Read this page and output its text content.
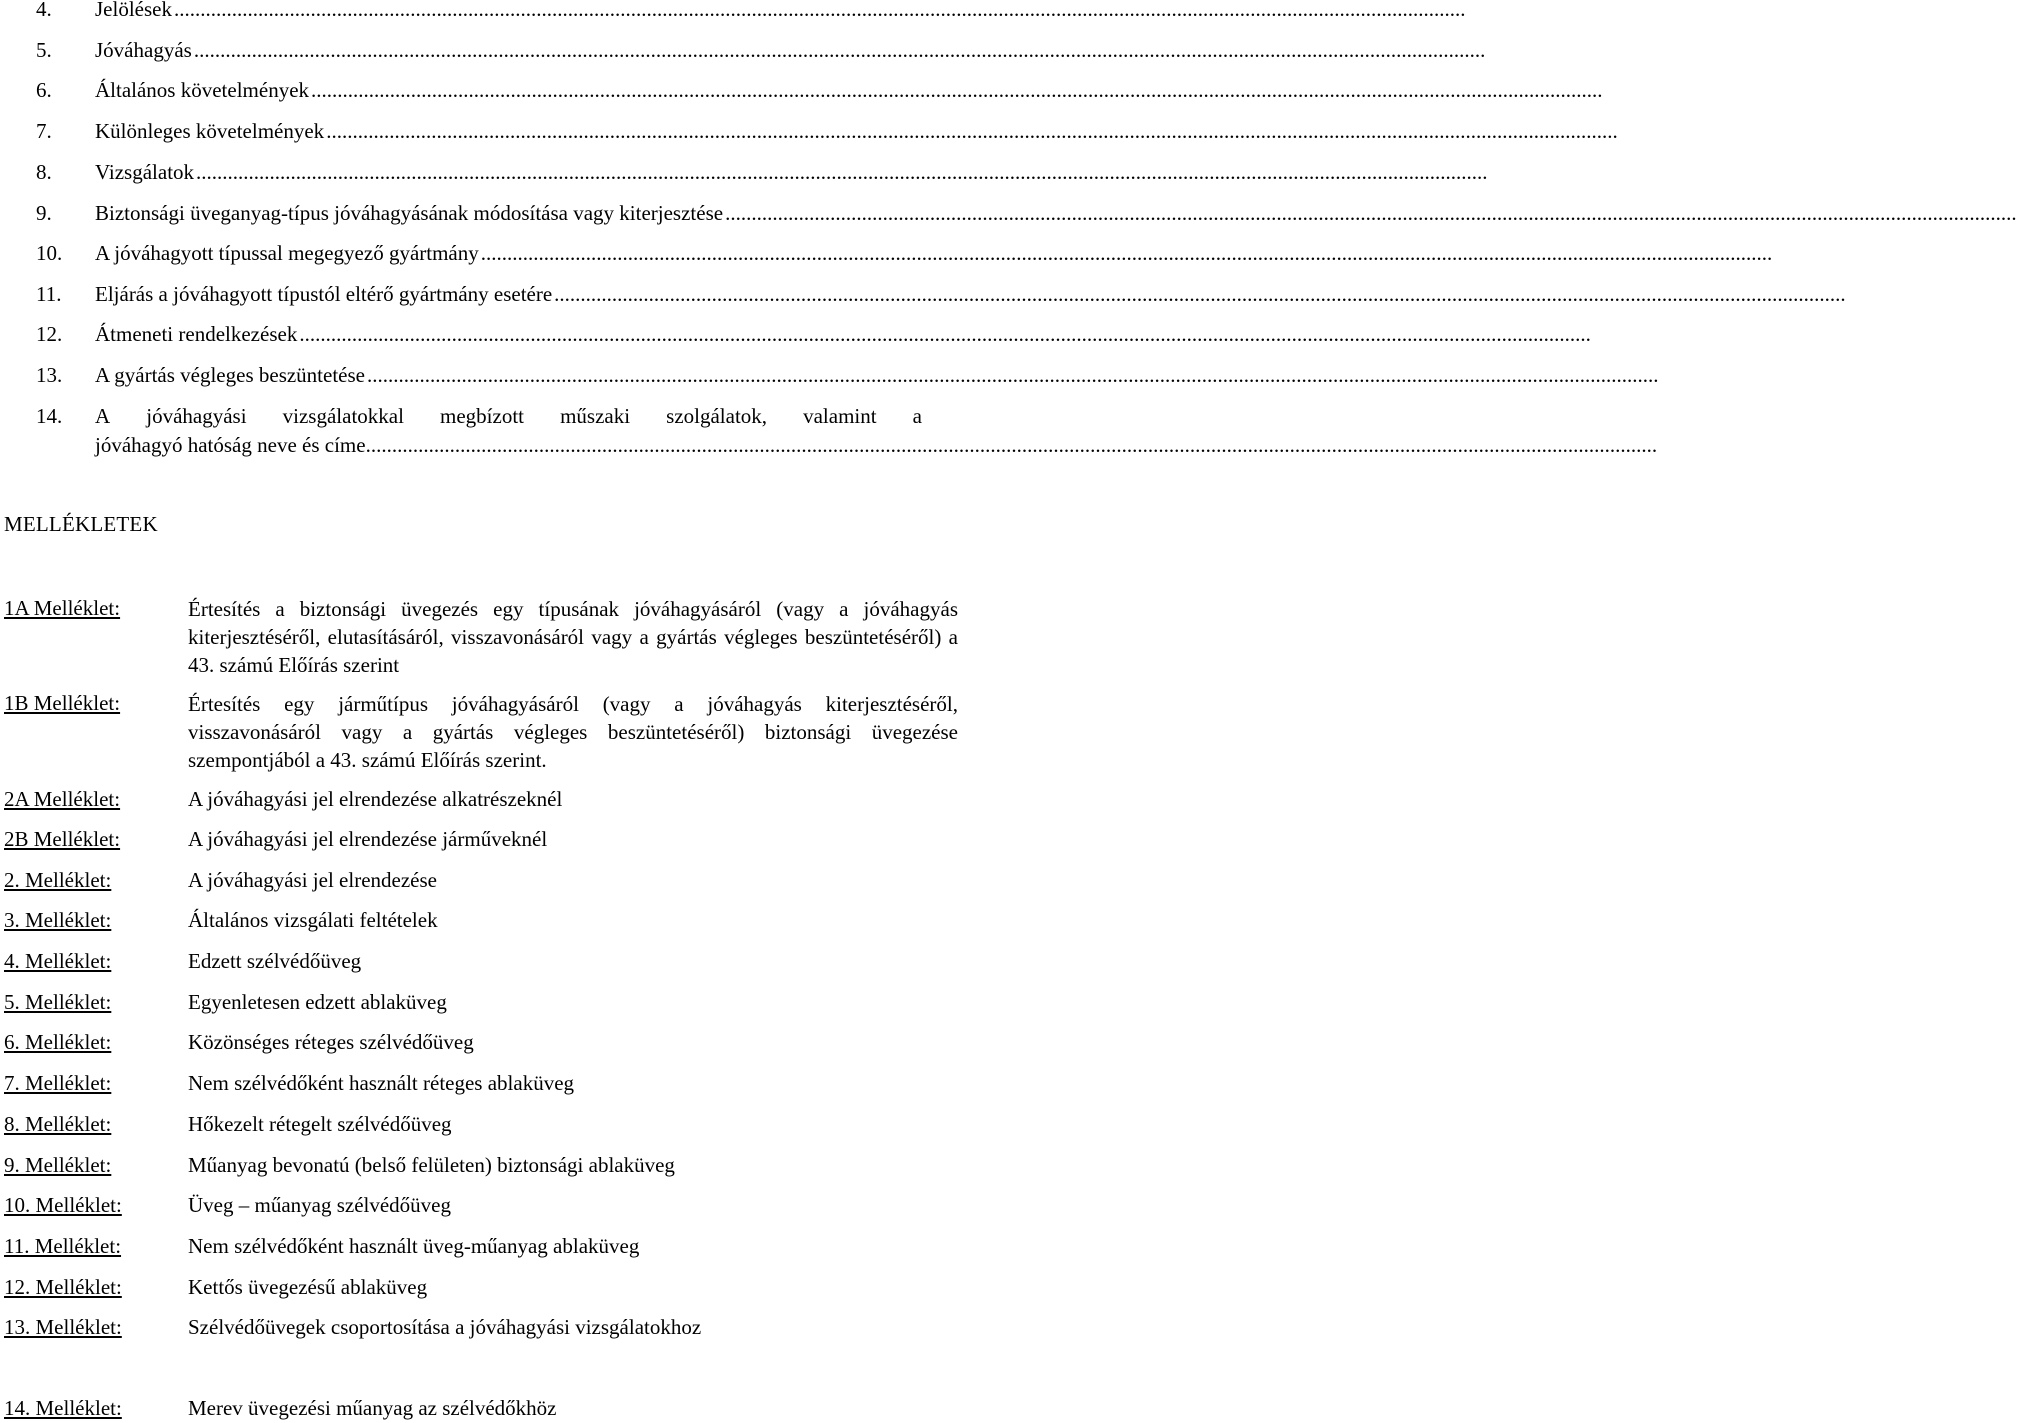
4. Jelölések......................................................................................................................................................................................................................................................
5. Jóváhagyás......................................................................................................................................................................................................................................................
6. Általános követelmények......................................................................................................................................................................................................................................................
7. Különleges követelmények......................................................................................................................................................................................................................................................
8. Vizsgálatok......................................................................................................................................................................................................................................................
9. Biztonsági üveganyag-típus jóváhagyásának módosítása vagy kiterjesztése......................................................................................................................................................................................................................................................
10. A jóváhagyott típussal megegyező gyártmány......................................................................................................................................................................................................................................................
11. Eljárás a jóváhagyott típustól eltérő gyártmány esetére......................................................................................................................................................................................................................................................
12. Átmeneti rendelkezések......................................................................................................................................................................................................................................................
13. A gyártás végleges beszüntetése......................................................................................................................................................................................................................................................
14. A jóváhagyási vizsgálatokkal megbízott műszaki szolgálatok, valamint a
jóváhagyó hatóság neve és címe......................................................................................................................................................................................................................................................
MELLÉKLETEK
1A Melléklet:	Értesítés a biztonsági üvegezés egy típusának jóváhagyásáról (vagy a jóváhagyás kiterjesztéséről, elutasításáról, visszavonásáról vagy a gyártás végleges beszüntetéséről) a 43. számú Előírás szerint
1B Melléklet:	Értesítés egy járműtípus jóváhagyásáról (vagy a jóváhagyás kiterjesztéséről, visszavonásáról vagy a gyártás végleges beszüntetéséről) biztonsági üvegezése szempontjából a 43. számú Előírás szerint.
2A Melléklet:	A jóváhagyási jel elrendezése alkatrészeknél
2B Melléklet:	A jóváhagyási jel elrendezése járműveknél
2. Melléklet:	A jóváhagyási jel elrendezése
3. Melléklet:	Általános vizsgálati feltételek
4. Melléklet:	Edzett szélvédőüveg
5. Melléklet:	Egyenletesen edzett ablaküveg
6. Melléklet:	Közönséges réteges szélvédőüveg
7. Melléklet:	Nem szélvédőként használt réteges ablaküveg
8. Melléklet:	Hőkezelt rétegelt szélvédőüveg
9. Melléklet:	Műanyag bevonatú (belső felületen) biztonsági ablaküveg
10. Melléklet:	Üveg – műanyag szélvédőüveg
11. Melléklet:	Nem szélvédőként használt üveg-műanyag ablaküveg
12. Melléklet:	Kettős üvegezésű ablaküveg
13. Melléklet:	Szélvédőüvegek csoportosítása a jóváhagyási vizsgálatokhoz
14. Melléklet:	Merev üvegezési műanyag az szélvédőkhöz
